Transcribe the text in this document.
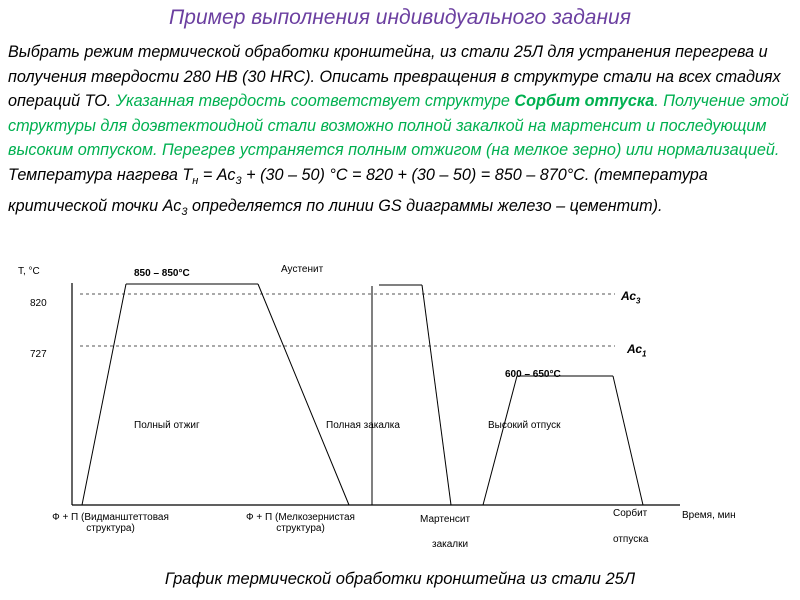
Пример выполнения индивидуального задания
Выбрать режим термической обработки кронштейна, из стали 25Л для устранения перегрева и получения твердости 280 НВ (30 HRC). Описать превращения в структуре стали на всех стадиях операций ТО. Указанная твердость соответствует структуре Сорбит отпуска. Получение этой структуры для доэвтектоидной стали возможно полной закалкой на мартенсит и последующим высоким отпуском. Перегрев устраняется полным отжигом (на мелкое зерно) или нормализацией. Температура нагрева $Т_н = Ас_3 + (30 - 50) ^\circ С = 820 + (30 - 50) = 850 - 870^\circ С$. (температура критической точки $Ас_3$ определяется по линии GS диаграммы железо – цементит).
Т, °С
820
727
850 – 850°С	Аустенит
$Ас_3$
$Ас_1$
600 – 650°С
Полный отжиг	Полная закалка	Высокий отпуск
Ф + П (Видманштеттовая
структура)
Ф + П (Мелкозернистая
структура)
Мартенсит
закалки
Сорбит
отпуска
Время, мин
График термической обработки кронштейна из стали 25Л
